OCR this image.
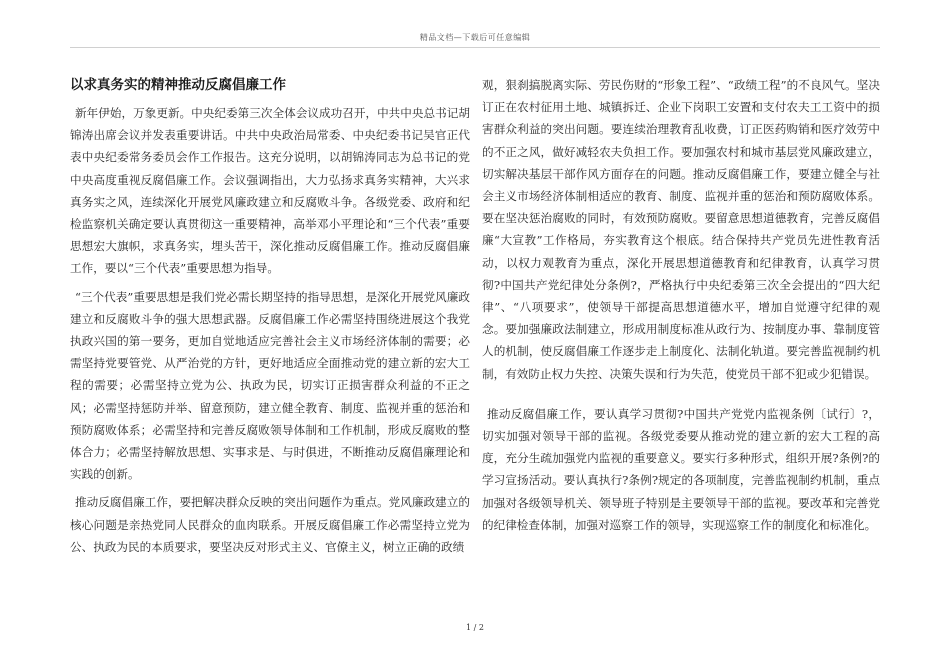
精品文档—下载后可任意编辑
以求真务实的精神推动反腐倡廉工作

新年伊始，万象更新。中央纪委第三次全体会议成功召开，中共中央总书记胡锦涛出席会议并发表重要讲话。中共中央政治局常委、中央纪委书记吴官正代表中央纪委常务委员会作工作报告。这充分说明，以胡锦涛同志为总书记的党中央高度重视反腐倡廉工作。会议强调指出，大力弘扬求真务实精神，大兴求真务实之风，连续深化开展党风廉政建立和反腐败斗争。各级党委、政府和纪检监察机关确定要认真贯彻这一重要精神，高举邓小平理论和“三个代表”重要思想宏大旗帜，求真务实，埋头苦干，深化推动反腐倡廉工作。推动反腐倡廉工作，要以“三个代表”重要思想为指导。

“三个代表”重要思想是我们党必需长期坚持的指导思想，是深化开展党风廉政建立和反腐败斗争的强大思想武器。反腐倡廉工作必需坚持围绕进展这个我党执政兴国的第一要务，更加自觉地适应完善社会主义市场经济体制的需要；必需坚持党要管党、从严治党的方针，更好地适应全面推动党的建立新的宏大工程的需要；必需坚持立党为公、执政为民，切实订正损害群众利益的不正之风；必需坚持惩防并举、留意预防，建立健全教育、制度、监视并重的惩治和预防腐败体系；必需坚持和完善反腐败领导体制和工作机制，形成反腐败的整体合力；必需坚持解放思想、实事求是、与时俱进，不断推动反腐倡廉理论和实践的创新。

推动反腐倡廉工作，要把解决群众反映的突出问题作为重点。党风廉政建立的核心问题是亲热党同人民群众的血肉联系。开展反腐倡廉工作必需坚持立党为公、执政为民的本质要求，要坚决反对形式主义、官僚主义，树立正确的政绩

观，狠刹搞脱离实际、劳民伤财的“形象工程”、“政绩工程”的不良风气。坚决订正在农村征用土地、城镇拆迁、企业下岗职工安置和支付农夫工工资中的损害群众利益的突出问题。要连续治理教育乱收费，订正医药购销和医疗效劳中的不正之风，做好减轻农夫负担工作。要加强农村和城市基层党风廉政建立，切实解决基层干部作风方面存在的问题。推动反腐倡廉工作，要建立健全与社会主义市场经济体制相适应的教育、制度、监视并重的惩治和预防腐败体系。要在坚决惩治腐败的同时，有效预防腐败。要留意思想道德教育，完善反腐倡廉“大宣教”工作格局，夯实教育这个根底。结合保持共产党员先进性教育活动，以权力观教育为重点，深化开展思想道德教育和纪律教育，认真学习贯彻?中国共产党纪律处分条例?，严格执行中央纪委第三次全会提出的“四大纪律”、“八项要求”，使领导干部提高思想道德水平，增加自觉遵守纪律的观念。要加强廉政法制建立，形成用制度标准从政行为、按制度办事、靠制度管人的机制，使反腐倡廉工作逐步走上制度化、法制化轨道。要完善监视制约机制，有效防止权力失控、决策失误和行为失范，使党员干部不犯或少犯错误。

推动反腐倡廉工作，要认真学习贯彻?中国共产党党内监视条例〔试行〕?，切实加强对领导干部的监视。各级党委要从推动党的建立新的宏大工程的高度，充分生疏加强党内监视的重要意义。要实行多种形式，组织开展?条例?的学习宣扬活动。要认真执行?条例?规定的各项制度，完善监视制约机制，重点加强对各级领导机关、领导班子特别是主要领导干部的监视。要改革和完善党的纪律检查体制，加强对巡察工作的领导，实现巡察工作的制度化和标准化。

1 / 2
